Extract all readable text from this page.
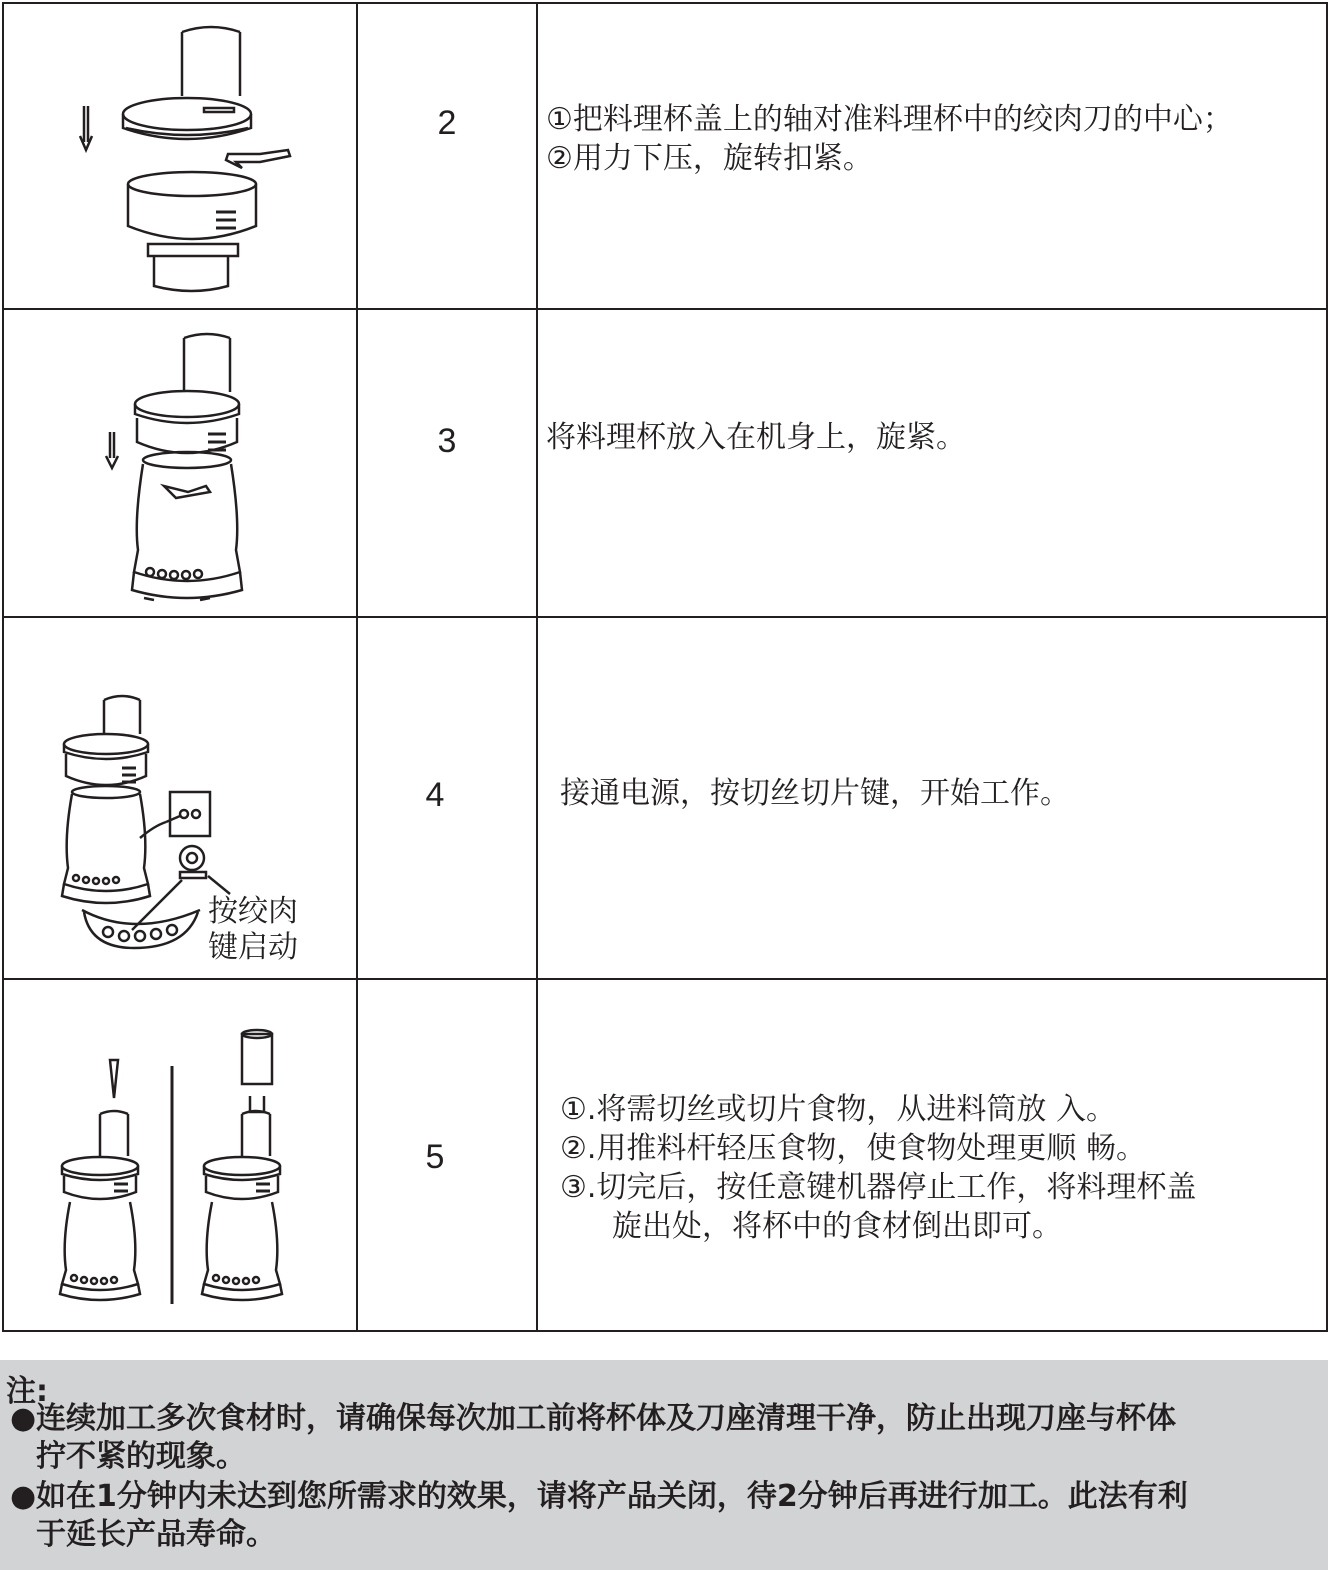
2	①把料理杯盖上的轴对准料理杯中的绞肉刀的中心；
②用力下压，旋转扣紧。

3	将料理杯放入在机身上，旋紧。

按绞肉
键启动	4	接通电源，按切丝切片键，开始工作。

5	①.将需切丝或切片食物，从进料筒放 入。
②.用推料杆轻压食物，使食物处理更顺 畅。
③.切完后，按任意键机器停止工作，将料理杯盖
旋出处，将杯中的食材倒出即可。
注:
●连续加工多次食材时，请确保每次加工前将杯体及刀座清理干净，防止出现刀座与杯体
拧不紧的现象。
●如在1分钟内未达到您所需求的效果，请将产品关闭，待2分钟后再进行加工。此法有利
于延长产品寿命。
